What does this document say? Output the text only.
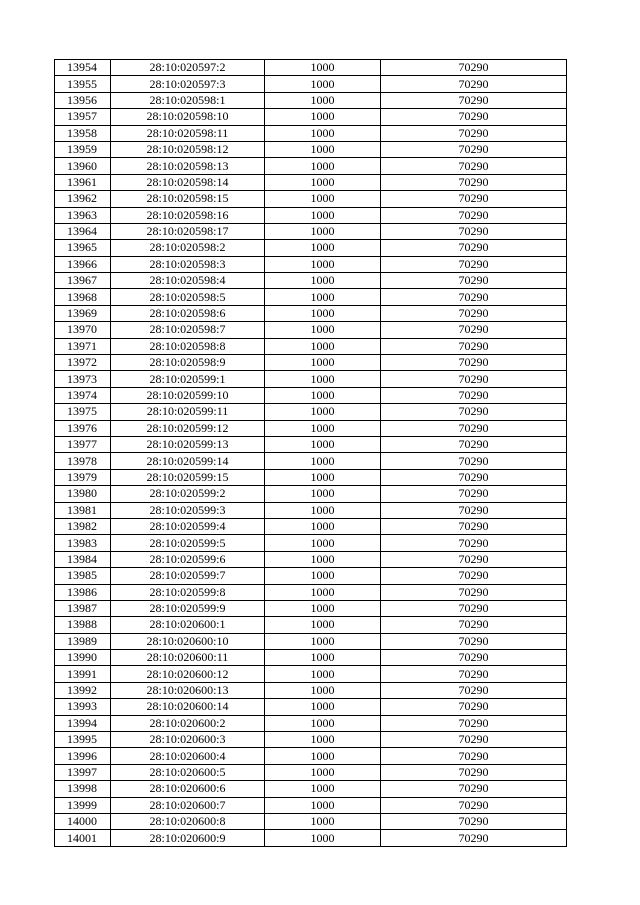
13954	28:10:020597:2	1000	70290
13955	28:10:020597:3	1000	70290
13956	28:10:020598:1	1000	70290
13957	28:10:020598:10	1000	70290
13958	28:10:020598:11	1000	70290
13959	28:10:020598:12	1000	70290
13960	28:10:020598:13	1000	70290
13961	28:10:020598:14	1000	70290
13962	28:10:020598:15	1000	70290
13963	28:10:020598:16	1000	70290
13964	28:10:020598:17	1000	70290
13965	28:10:020598:2	1000	70290
13966	28:10:020598:3	1000	70290
13967	28:10:020598:4	1000	70290
13968	28:10:020598:5	1000	70290
13969	28:10:020598:6	1000	70290
13970	28:10:020598:7	1000	70290
13971	28:10:020598:8	1000	70290
13972	28:10:020598:9	1000	70290
13973	28:10:020599:1	1000	70290
13974	28:10:020599:10	1000	70290
13975	28:10:020599:11	1000	70290
13976	28:10:020599:12	1000	70290
13977	28:10:020599:13	1000	70290
13978	28:10:020599:14	1000	70290
13979	28:10:020599:15	1000	70290
13980	28:10:020599:2	1000	70290
13981	28:10:020599:3	1000	70290
13982	28:10:020599:4	1000	70290
13983	28:10:020599:5	1000	70290
13984	28:10:020599:6	1000	70290
13985	28:10:020599:7	1000	70290
13986	28:10:020599:8	1000	70290
13987	28:10:020599:9	1000	70290
13988	28:10:020600:1	1000	70290
13989	28:10:020600:10	1000	70290
13990	28:10:020600:11	1000	70290
13991	28:10:020600:12	1000	70290
13992	28:10:020600:13	1000	70290
13993	28:10:020600:14	1000	70290
13994	28:10:020600:2	1000	70290
13995	28:10:020600:3	1000	70290
13996	28:10:020600:4	1000	70290
13997	28:10:020600:5	1000	70290
13998	28:10:020600:6	1000	70290
13999	28:10:020600:7	1000	70290
14000	28:10:020600:8	1000	70290
14001	28:10:020600:9	1000	70290
